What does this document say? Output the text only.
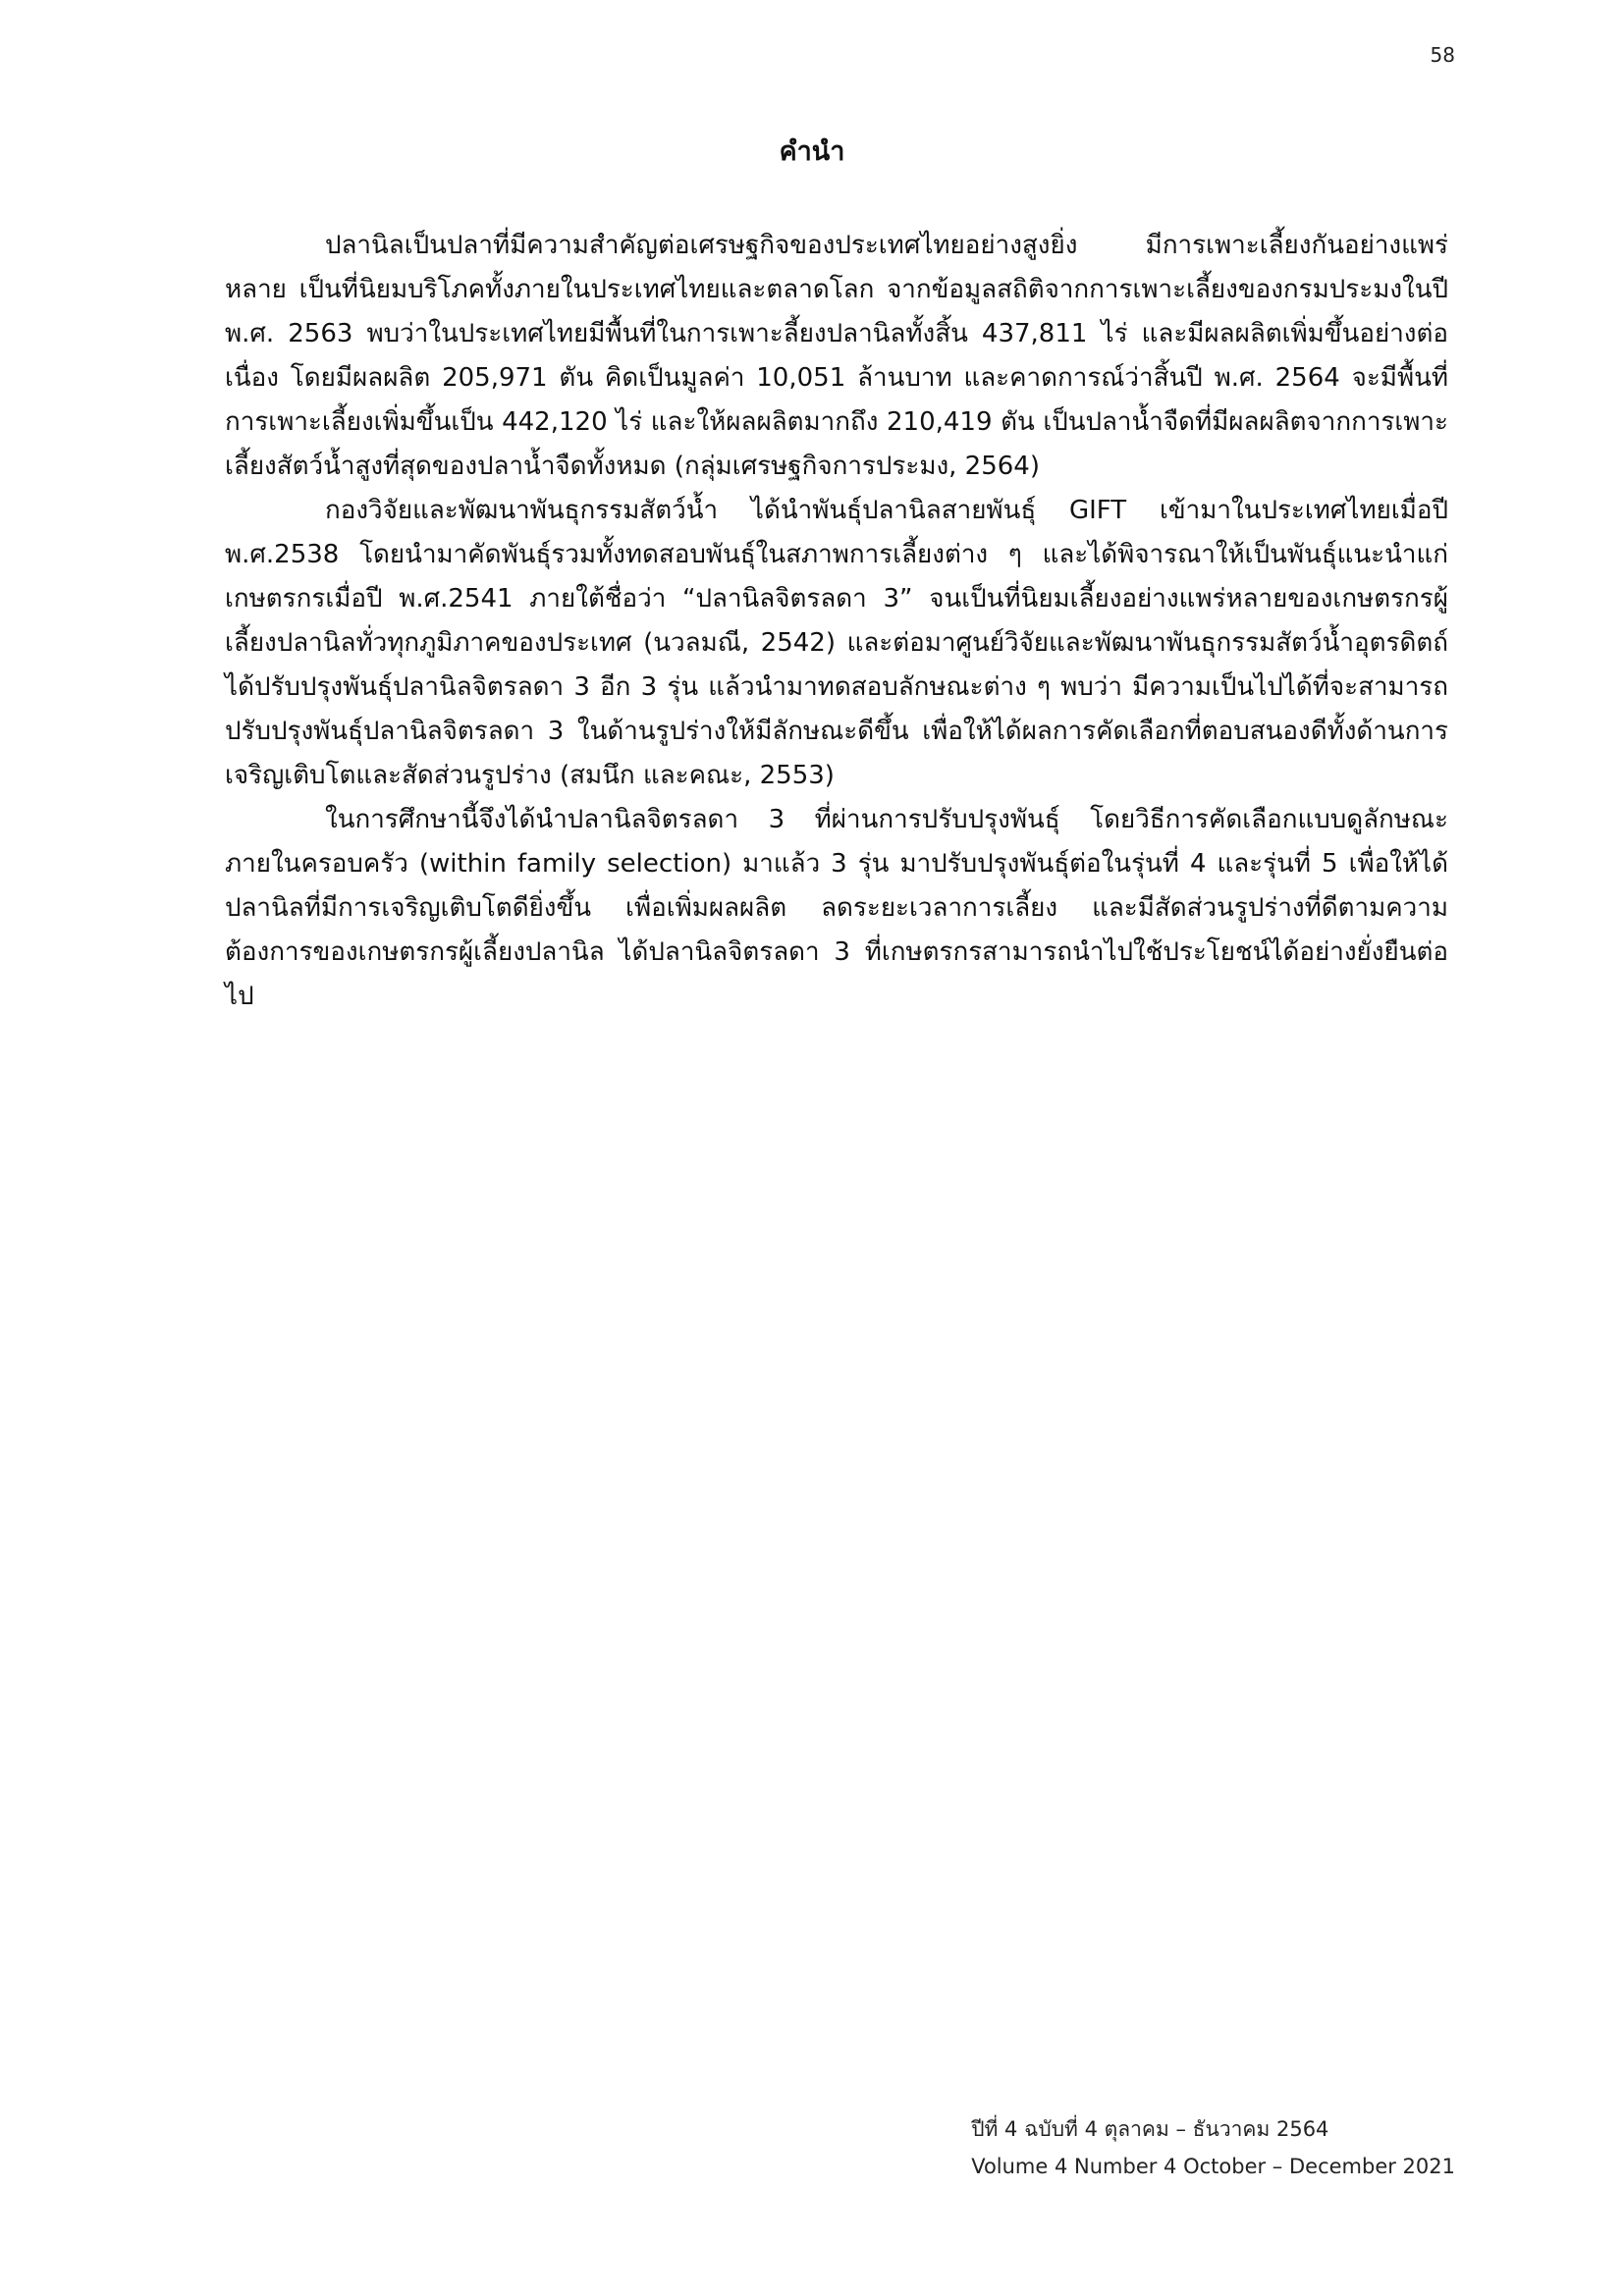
58
คำนำ

ปลานิลเป็นปลาที่มีความสำคัญต่อเศรษฐกิจของประเทศไทยอย่างสูงยิ่ง มีการเพาะเลี้ยงกันอย่างแพร่หลาย เป็นที่นิยมบริโภคทั้งภายในประเทศไทยและตลาดโลก จากข้อมูลสถิติจากการเพาะเลี้ยงของกรมประมงในปี พ.ศ. 2563 พบว่าในประเทศไทยมีพื้นที่ในการเพาะลี้ยงปลานิลทั้งสิ้น 437,811 ไร่ และมีผลผลิตเพิ่มขึ้นอย่างต่อเนื่อง โดยมีผลผลิต 205,971 ตัน คิดเป็นมูลค่า 10,051 ล้านบาท และคาดการณ์ว่าสิ้นปี พ.ศ. 2564 จะมีพื้นที่การเพาะเลี้ยงเพิ่มขึ้นเป็น 442,120 ไร่ และให้ผลผลิตมากถึง 210,419 ตัน เป็นปลาน้ำจืดที่มีผลผลิตจากการเพาะเลี้ยงสัตว์น้ำสูงที่สุดของปลาน้ำจืดทั้งหมด (กลุ่มเศรษฐกิจการประมง, 2564)

กองวิจัยและพัฒนาพันธุกรรมสัตว์น้ำ ได้นำพันธุ์ปลานิลสายพันธุ์ GIFT เข้ามาในประเทศไทยเมื่อปี พ.ศ.2538 โดยนำมาคัดพันธุ์รวมทั้งทดสอบพันธุ์ในสภาพการเลี้ยงต่าง ๆ และได้พิจารณาให้เป็นพันธุ์แนะนำแก่เกษตรกรเมื่อปี พ.ศ.2541 ภายใต้ชื่อว่า “ปลานิลจิตรลดา 3” จนเป็นที่นิยมเลี้ยงอย่างแพร่หลายของเกษตรกรผู้เลี้ยงปลานิลทั่วทุกภูมิภาคของประเทศ (นวลมณี, 2542) และต่อมาศูนย์วิจัยและพัฒนาพันธุกรรมสัตว์น้ำอุตรดิตถ์ได้ปรับปรุงพันธุ์ปลานิลจิตรลดา 3 อีก 3 รุ่น แล้วนำมาทดสอบลักษณะต่าง ๆ พบว่า มีความเป็นไปได้ที่จะสามารถปรับปรุงพันธุ์ปลานิลจิตรลดา 3 ในด้านรูปร่างให้มีลักษณะดีขึ้น เพื่อให้ได้ผลการคัดเลือกที่ตอบสนองดีทั้งด้านการเจริญเติบโตและสัดส่วนรูปร่าง (สมนึก และคณะ, 2553)

ในการศึกษานี้จึงได้นำปลานิลจิตรลดา 3 ที่ผ่านการปรับปรุงพันธุ์ โดยวิธีการคัดเลือกแบบดูลักษณะภายในครอบครัว (within family selection) มาแล้ว 3 รุ่น มาปรับปรุงพันธุ์ต่อในรุ่นที่ 4 และรุ่นที่ 5 เพื่อให้ได้ปลานิลที่มีการเจริญเติบโตดียิ่งขึ้น เพื่อเพิ่มผลผลิต ลดระยะเวลาการเลี้ยง และมีสัดส่วนรูปร่างที่ดีตามความต้องการของเกษตรกรผู้เลี้ยงปลานิล ได้ปลานิลจิตรลดา 3 ที่เกษตรกรสามารถนำไปใช้ประโยชน์ได้อย่างยั่งยืนต่อไป

ปีที่ 4 ฉบับที่ 4 ตุลาคม – ธันวาคม 2564
Volume 4 Number 4 October – December 2021
